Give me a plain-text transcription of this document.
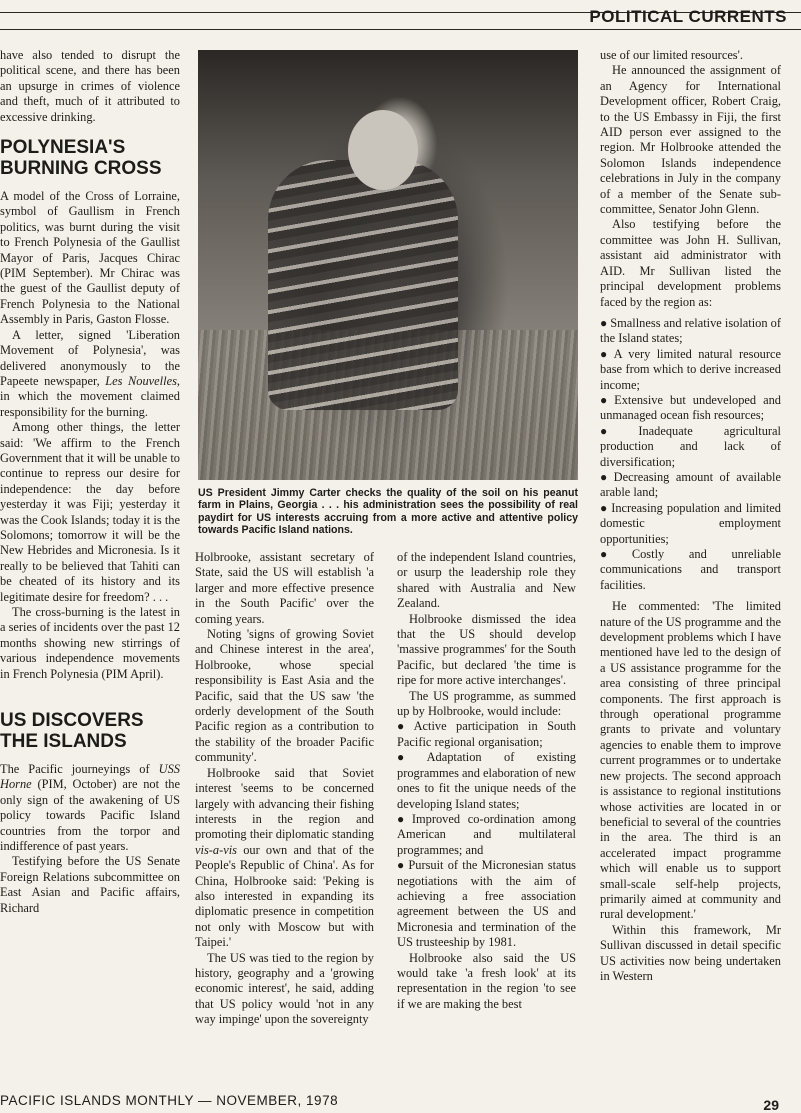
POLITICAL CURRENTS

have also tended to disrupt the political scene, and there has been an upsurge in crimes of violence and theft, much of it attributed to excessive drinking.

POLYNESIA'S
BURNING CROSS

A model of the Cross of Lorraine, symbol of Gaullism in French politics, was burnt during the visit to French Polynesia of the Gaullist Mayor of Paris, Jacques Chirac (PIM September). Mr Chirac was the guest of the Gaullist deputy of French Polynesia to the National Assembly in Paris, Gaston Flosse.

A letter, signed 'Liberation Movement of Polynesia', was delivered anonymously to the Papeete newspaper, Les Nouvelles, in which the movement claimed responsibility for the burning.

Among other things, the letter said: 'We affirm to the French Government that it will be unable to continue to repress our desire for independence: the day before yesterday it was Fiji; yesterday it was the Cook Islands; today it is the Solomons; tomorrow it will be the New Hebrides and Micronesia. Is it really to be believed that Tahiti can be cheated of its history and its legitimate desire for freedom? . . .

The cross-burning is the latest in a series of incidents over the past 12 months showing new stirrings of various independence movements in French Polynesia (PIM April).

US DISCOVERS
THE ISLANDS

The Pacific journeyings of USS Horne (PIM, October) are not the only sign of the awakening of US policy towards Pacific Island countries from the torpor and indifference of past years.

Testifying before the US Senate Foreign Relations subcommittee on East Asian and Pacific affairs, Richard

US President Jimmy Carter checks the quality of the soil on his peanut farm in Plains, Georgia . . . his administration sees the possibility of real paydirt for US interests accruing from a more active and attentive policy towards Pacific Island nations.

Holbrooke, assistant secretary of State, said the US will establish 'a larger and more effective presence in the South Pacific' over the coming years.

Noting 'signs of growing Soviet and Chinese interest in the area', Holbrooke, whose special responsibility is East Asia and the Pacific, said that the US saw 'the orderly development of the South Pacific region as a contribution to the stability of the broader Pacific community'.

Holbrooke said that Soviet interest 'seems to be concerned largely with advancing their fishing interests in the region and promoting their diplomatic standing vis-a-vis our own and that of the People's Republic of China'. As for China, Holbrooke said: 'Peking is also interested in expanding its diplomatic presence in competition not only with Moscow but with Taipei.'

The US was tied to the region by history, geography and a 'growing economic interest', he said, adding that US policy would 'not in any way impinge' upon the sovereignty

of the independent Island countries, or usurp the leadership role they shared with Australia and New Zealand.

Holbrooke dismissed the idea that the US should develop 'massive programmes' for the South Pacific, but declared 'the time is ripe for more active interchanges'.

The US programme, as summed up by Holbrooke, would include:

● Active participation in South Pacific regional organisation;

● Adaptation of existing programmes and elaboration of new ones to fit the unique needs of the developing Island states;

● Improved co-ordination among American and multilateral programmes; and

● Pursuit of the Micronesian status negotiations with the aim of achieving a free association agreement between the US and Micronesia and termination of the US trusteeship by 1981.

Holbrooke also said the US would take 'a fresh look' at its representation in the region 'to see if we are making the best

use of our limited resources'.

He announced the assignment of an Agency for International Development officer, Robert Craig, to the US Embassy in Fiji, the first AID person ever assigned to the region. Mr Holbrooke attended the Solomon Islands independence celebrations in July in the company of a member of the Senate sub-committee, Senator John Glenn.

Also testifying before the committee was John H. Sullivan, assistant aid administrator with AID. Mr Sullivan listed the principal development problems faced by the region as:

● Smallness and relative isolation of the Island states;

● A very limited natural resource base from which to derive increased income;

● Extensive but undeveloped and unmanaged ocean fish resources;

● Inadequate agricultural production and lack of diversification;

● Decreasing amount of available arable land;

● Increasing population and limited domestic employment opportunities;

● Costly and unreliable communications and transport facilities.

He commented: 'The limited nature of the US programme and the development problems which I have mentioned have led to the design of a US assistance programme for the area consisting of three principal components. The first approach is through operational programme grants to private and voluntary agencies to enable them to improve current programmes or to undertake new projects. The second approach is assistance to regional institutions whose activities are located in or beneficial to several of the countries in the area. The third is an accelerated impact programme which will enable us to support small-scale self-help projects, primarily aimed at community and rural development.'

Within this framework, Mr Sullivan discussed in detail specific US activities now being undertaken in Western

PACIFIC ISLANDS MONTHLY — NOVEMBER, 1978	29
